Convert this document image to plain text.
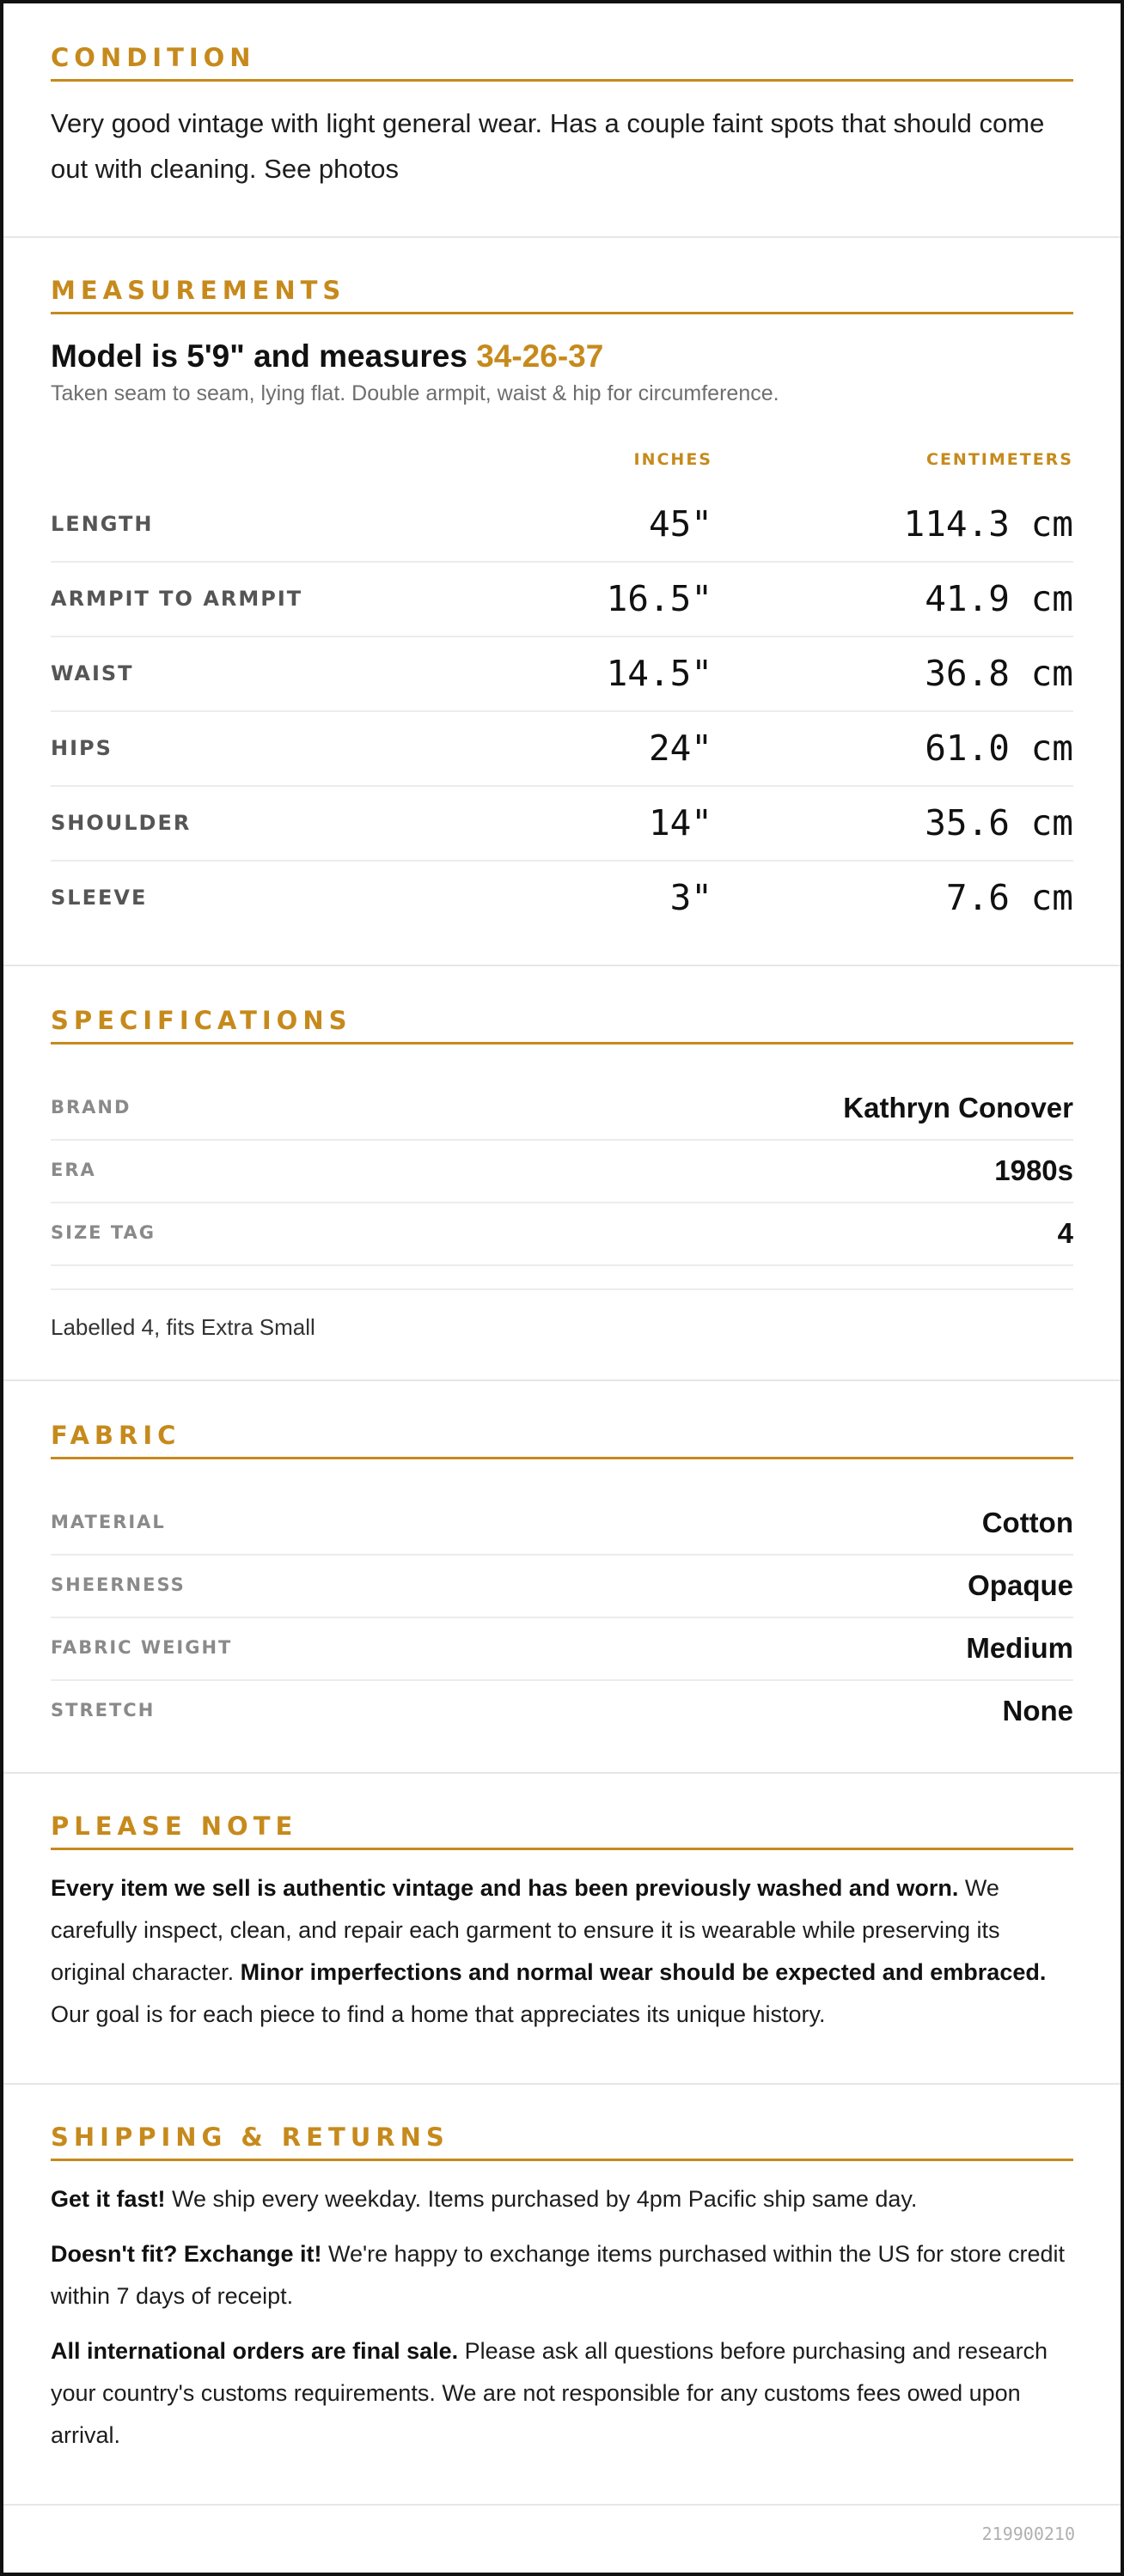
CONDITION
Very good vintage with light general wear. Has a couple faint spots that should come out with cleaning. See photos
MEASUREMENTS
Model is 5'9" and measures 34-26-37
Taken seam to seam, lying flat. Double armpit, waist & hip for circumference.
INCHES	CENTIMETERS
LENGTH	45"	114.3 cm
ARMPIT TO ARMPIT	16.5"	41.9 cm
WAIST	14.5"	36.8 cm
HIPS	24"	61.0 cm
SHOULDER	14"	35.6 cm
SLEEVE	3"	7.6 cm
SPECIFICATIONS
BRAND	Kathryn Conover
ERA	1980s
SIZE TAG	4
Labelled 4, fits Extra Small
FABRIC
MATERIAL	Cotton
SHEERNESS	Opaque
FABRIC WEIGHT	Medium
STRETCH	None
PLEASE NOTE

Every item we sell is authentic vintage and has been previously washed and worn. We carefully inspect, clean, and repair each garment to ensure it is wearable while preserving its original character. Minor imperfections and normal wear should be expected and embraced. Our goal is for each piece to find a home that appreciates its unique history.

SHIPPING & RETURNS

Get it fast! We ship every weekday. Items purchased by 4pm Pacific ship same day.

Doesn't fit? Exchange it! We're happy to exchange items purchased within the US for store credit within 7 days of receipt.

All international orders are final sale. Please ask all questions before purchasing and research your country's customs requirements. We are not responsible for any customs fees owed upon arrival.

219900210
